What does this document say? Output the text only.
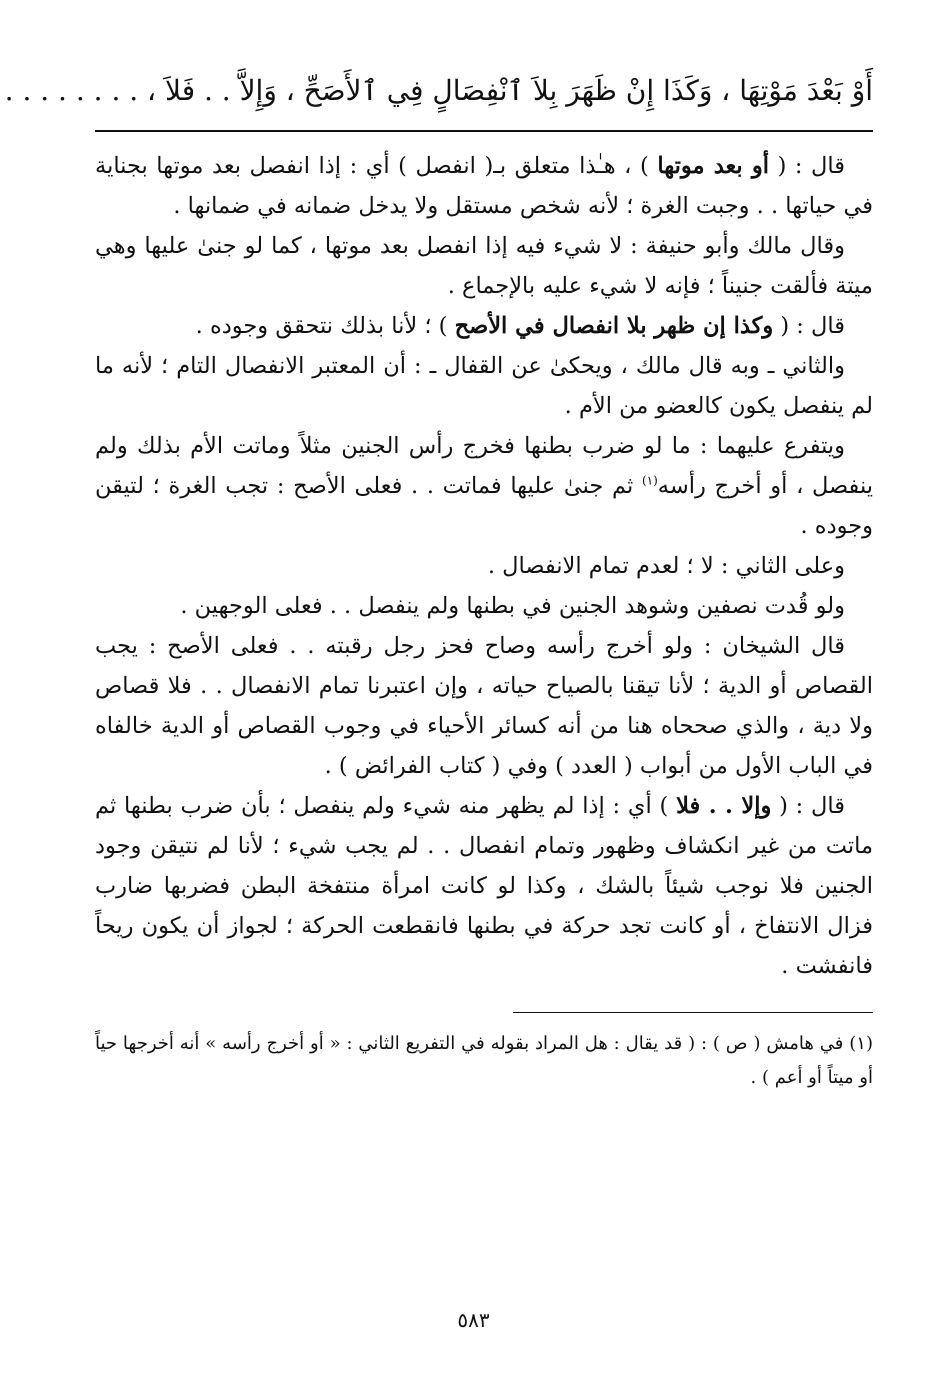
أَوْ بَعْدَ مَوْتِهَا ، وَكَذَا إِنْ ظَهَرَ بِلاَ ٱنْفِصَالٍ فِي ٱلأَصَحِّ ، وَإِلاَّ . . فَلاَ ، . . . . . . . .

قال : ( أو بعد موتها ) ، هـٰذا متعلق بـ( انفصل ) أي : إذا انفصل بعد موتها بجناية في حياتها . . وجبت الغرة ؛ لأنه شخص مستقل ولا يدخل ضمانه في ضمانها .

وقال مالك وأبو حنيفة : لا شيء فيه إذا انفصل بعد موتها ، كما لو جنىٰ عليها وهي ميتة فألقت جنيناً ؛ فإنه لا شيء عليه بالإجماع .

قال : ( وكذا إن ظهر بلا انفصال في الأصح ) ؛ لأنا بذلك نتحقق وجوده .

والثاني ـ وبه قال مالك ، ويحكىٰ عن القفال ـ : أن المعتبر الانفصال التام ؛ لأنه ما لم ينفصل يكون كالعضو من الأم .

ويتفرع عليهما : ما لو ضرب بطنها فخرج رأس الجنين مثلاً وماتت الأم بذلك ولم ينفصل ، أو أخرج رأسه$^{(١)}$ ثم جنىٰ عليها فماتت . . فعلى الأصح : تجب الغرة ؛ لتيقن وجوده .

وعلى الثاني : لا ؛ لعدم تمام الانفصال .

ولو قُدت نصفين وشوهد الجنين في بطنها ولم ينفصل . . فعلى الوجهين .

قال الشيخان : ولو أخرج رأسه وصاح فحز رجل رقبته . . فعلى الأصح : يجب القصاص أو الدية ؛ لأنا تيقنا بالصياح حياته ، وإن اعتبرنا تمام الانفصال . . فلا قصاص ولا دية ، والذي صححاه هنا من أنه كسائر الأحياء في وجوب القصاص أو الدية خالفاه في الباب الأول من أبواب ( العدد ) وفي ( كتاب الفرائض ) .

قال : ( وإلا . . فلا ) أي : إذا لم يظهر منه شيء ولم ينفصل ؛ بأن ضرب بطنها ثم ماتت من غير انكشاف وظهور وتمام انفصال . . لم يجب شيء ؛ لأنا لم نتيقن وجود الجنين فلا نوجب شيئاً بالشك ، وكذا لو كانت امرأة منتفخة البطن فضربها ضارب فزال الانتفاخ ، أو كانت تجد حركة في بطنها فانقطعت الحركة ؛ لجواز أن يكون ريحاً فانفشت .

(١) في هامش ( ص ) : ( قد يقال : هل المراد بقوله في التفريع الثاني : « أو أخرج رأسه » أنه أخرجها حياً أو ميتاً أو أعم ) .
٥٨٣
